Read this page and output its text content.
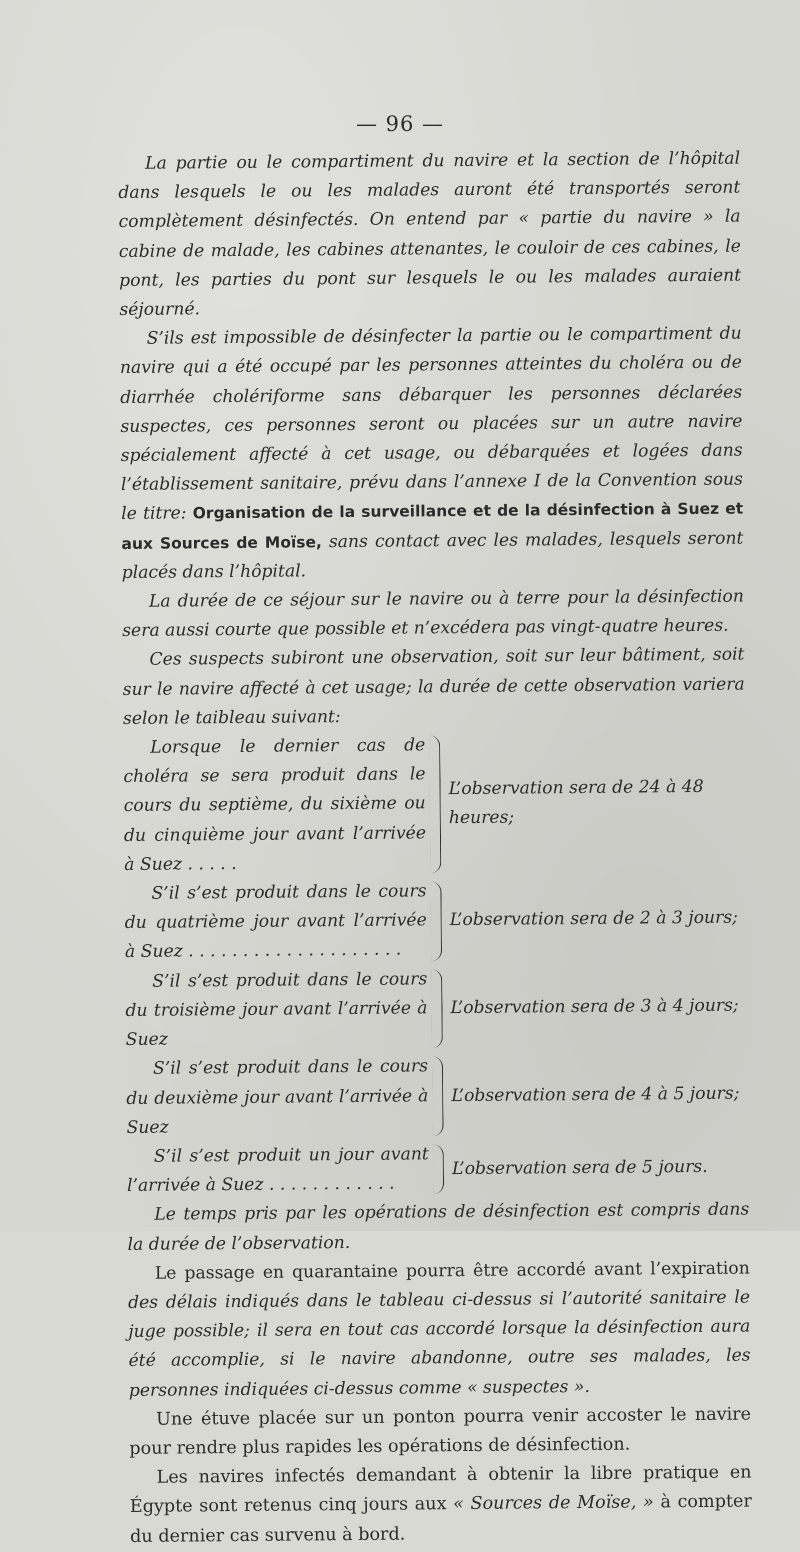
— 96 —

La partie ou le compartiment du navire et la section de l’hôpital dans lesquels le ou les malades auront été transportés seront complètement désinfectés. On entend par « partie du navire » la cabine de malade, les cabines attenantes, le couloir de ces cabines, le pont, les parties du pont sur lesquels le ou les malades auraient séjourné.

S’ils est impossible de désinfecter la partie ou le compartiment du navire qui a été occupé par les personnes atteintes du choléra ou de diarrhée cholériforme sans débarquer les personnes déclarées suspectes, ces personnes seront ou placées sur un autre navire spécialement affecté à cet usage, ou débarquées et logées dans l’établissement sanitaire, prévu dans l’annexe I de la Convention sous le titre: Organisation de la surveillance et de la désinfection à Suez et aux Sources de Moïse, sans contact avec les malades, lesquels seront placés dans l’hôpital.

La durée de ce séjour sur le navire ou à terre pour la désinfection sera aussi courte que possible et n’excédera pas vingt-quatre heures.

Ces suspects subiront une observation, soit sur leur bâtiment, soit sur le navire affecté à cet usage; la durée de cette observation variera selon le taibleau suivant:

Lorsque le dernier cas de choléra se sera produit dans le cours du septième, du sixième ou du cinquième jour avant l’arrivée à Suez . . . . .
L’observation sera de 24 à 48 heures;
S’il s’est produit dans le cours du quatrième jour avant l’arrivée à Suez . . . . . . . . . . . . . . . . . . . .
L’observation sera de 2 à 3 jours;
S’il s’est produit dans le cours du troisième jour avant l’arrivée à Suez
L’observation sera de 3 à 4 jours;
S’il s’est produit dans le cours du deuxième jour avant l’arrivée à Suez
L’observation sera de 4 à 5 jours;
S’il s’est produit un jour avant l’arrivée à Suez . . . . . . . . . . . .
L’observation sera de 5 jours.

Le temps pris par les opérations de désinfection est compris dans la durée de l’observation.

Le passage en quarantaine pourra être accordé avant l’expiration des délais indiqués dans le tableau ci-dessus si l’autorité sanitaire le juge possible; il sera en tout cas accordé lorsque la désinfection aura été accomplie, si le navire abandonne, outre ses malades, les personnes indiquées ci-dessus comme « suspectes ».

Une étuve placée sur un ponton pourra venir accoster le navire pour rendre plus rapides les opérations de désinfection.

Les navires infectés demandant à obtenir la libre pratique en Égypte sont retenus cinq jours aux « Sources de Moïse, » à compter du dernier cas survenu à bord.
